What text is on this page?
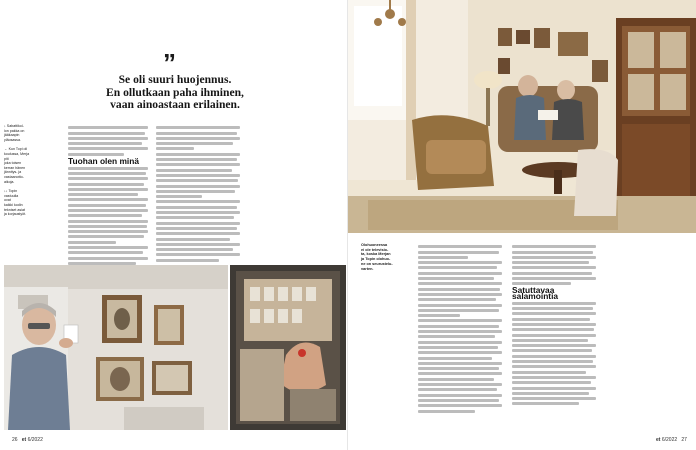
”
Se oli suuri huojennus.
En ollutkaan paha ihminen,
vaan ainoastaan erilainen.

↓ Sabattikol-
lon pakka on
jääkaapin
yläosassa.

← Kun Topi oli
koulussa, Merja
piti
joka toisen
kerran hänen
jännitys- ja
vastaanotto-
aikoja.

↓↓ Topin
vastuulla
ovat
kaikki kodin
tekniset asiat
ja korjaustyöt.

Tuohan olen minä
26 et 6/2022
Olohuoneessa
ei ole televisio-
ta, koska Merjan
ja Topin olohuo-
ne on seurustelu-
varten.
Satuttavaa salamointia
et 6/2022 27
